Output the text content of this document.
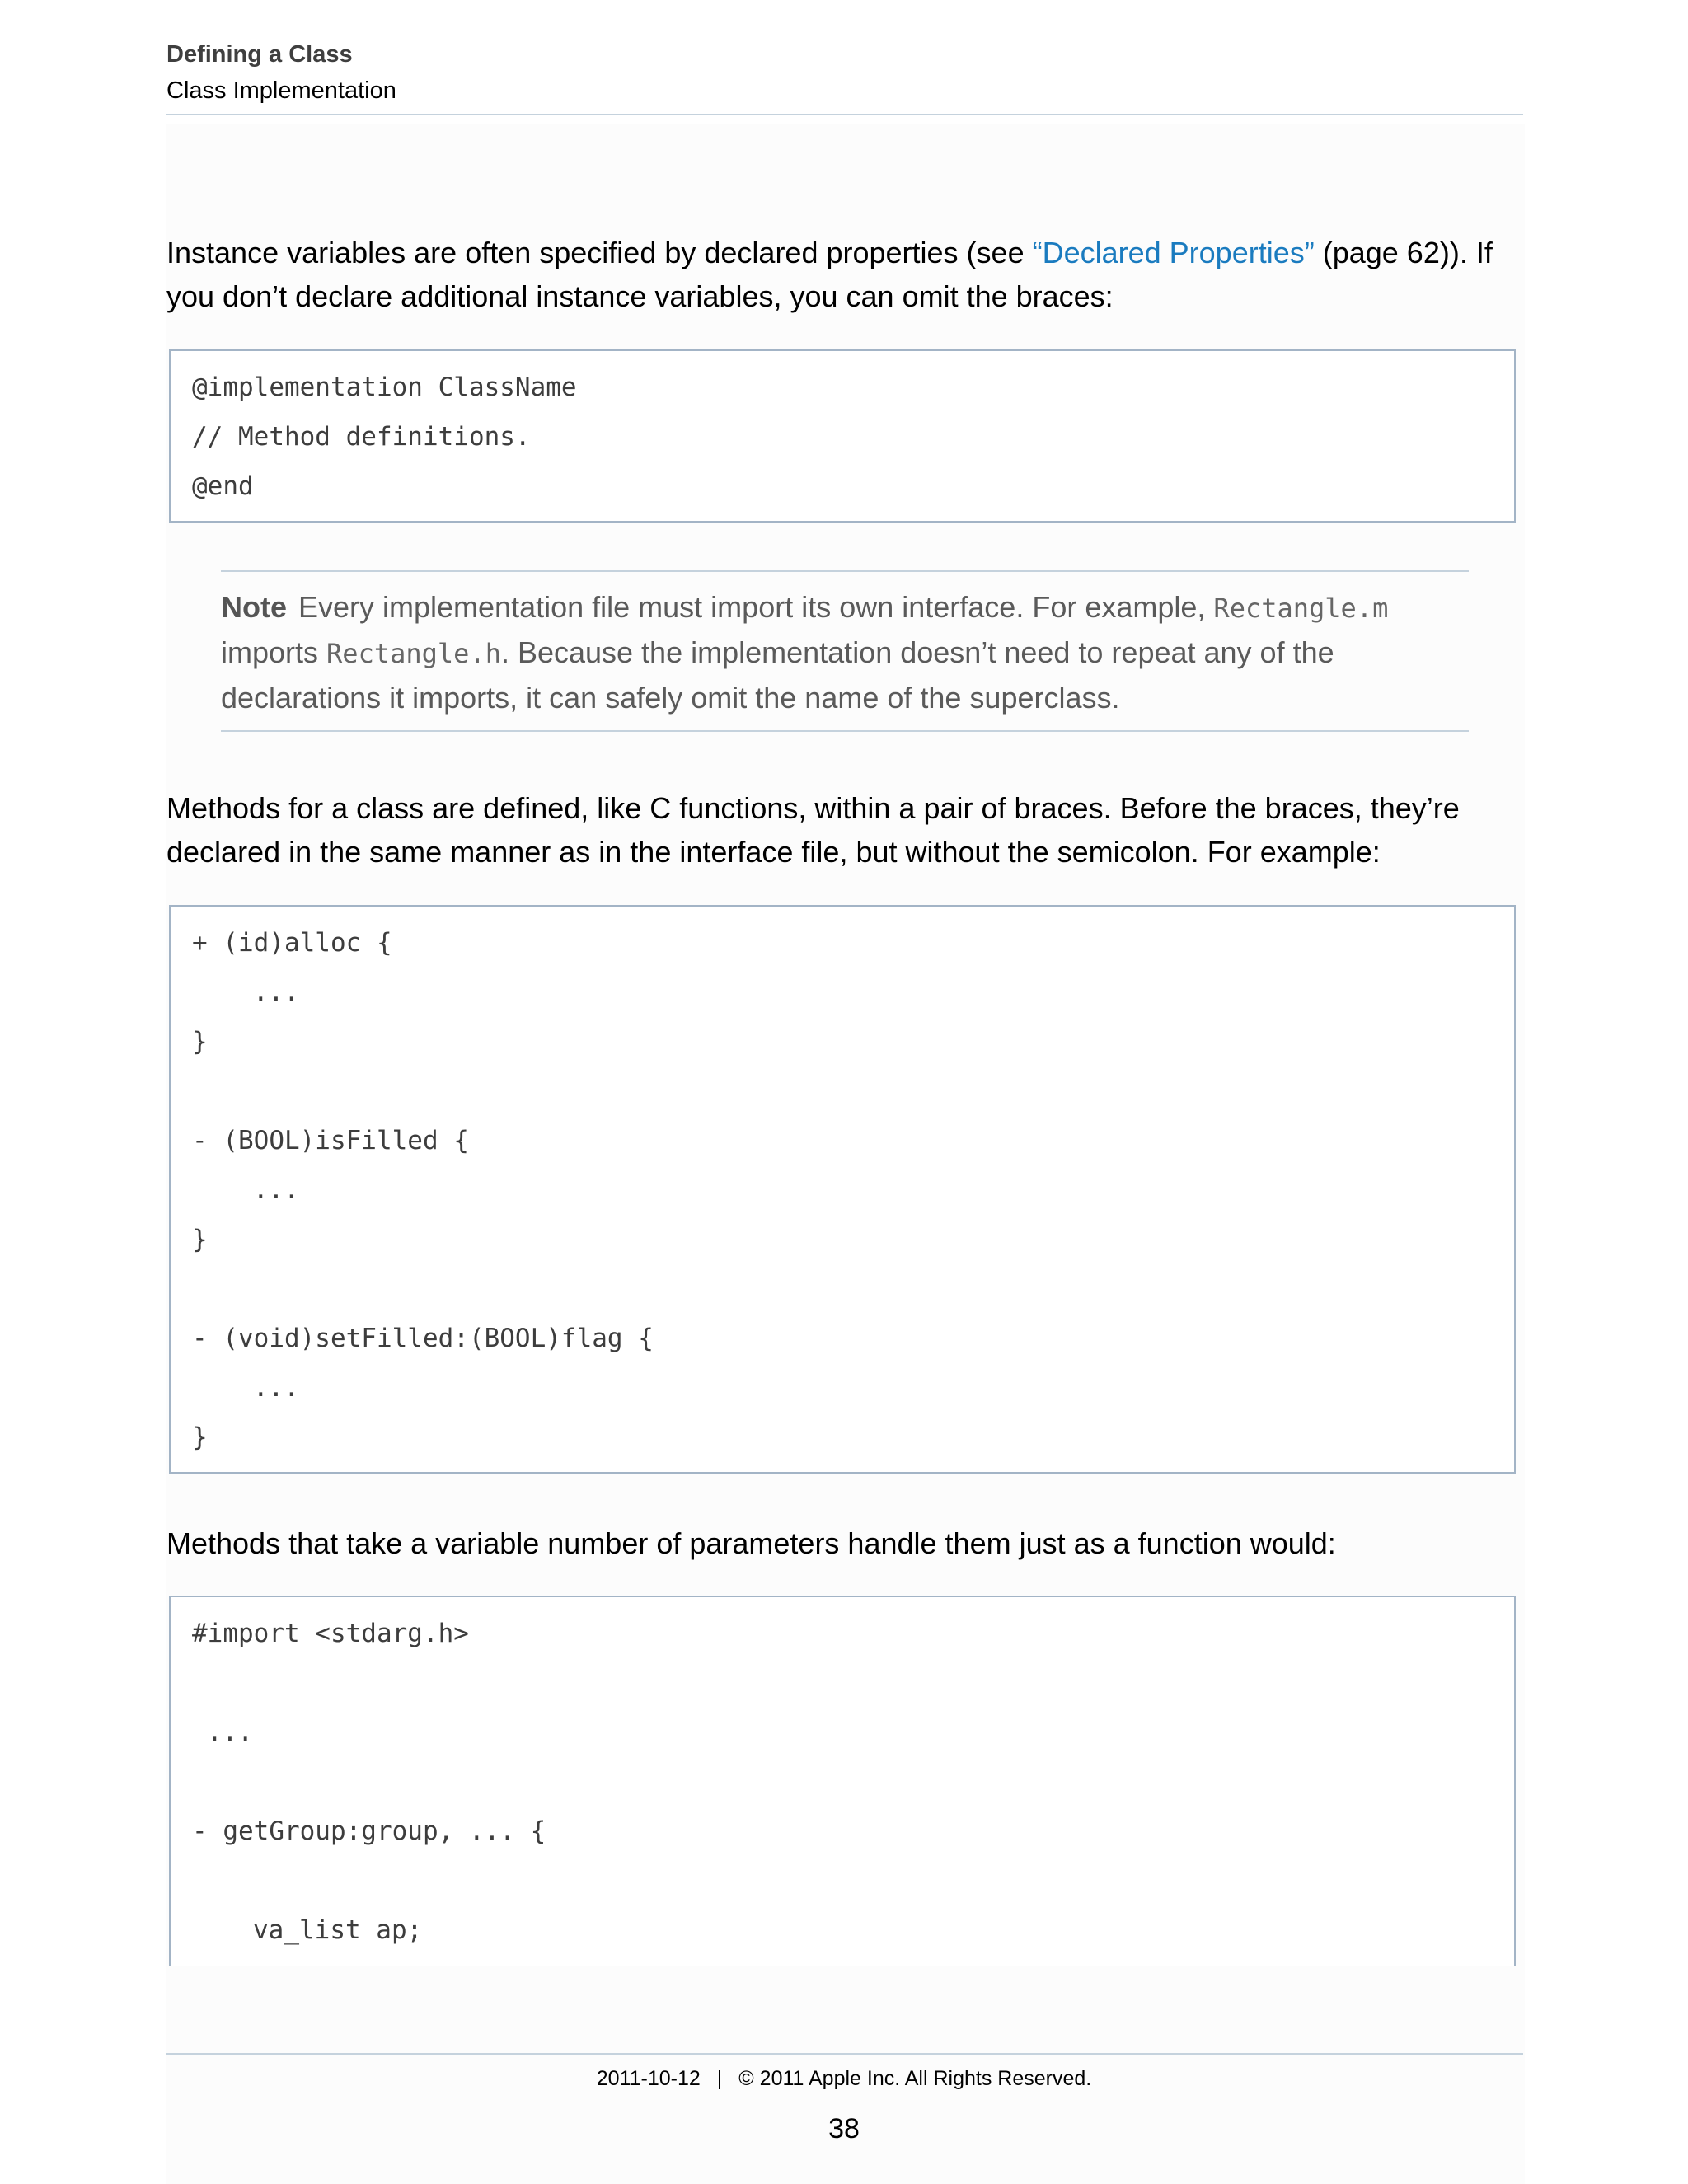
Defining a Class
Class Implementation

Instance variables are often specified by declared properties (see “Declared Properties” (page 62)). If you don’t declare additional instance variables, you can omit the braces:

@implementation ClassName
// Method definitions.
@end

Note Every implementation file must import its own interface. For example, Rectangle.m imports Rectangle.h. Because the implementation doesn’t need to repeat any of the declarations it imports, it can safely omit the name of the superclass.

Methods for a class are defined, like C functions, within a pair of braces. Before the braces, they’re declared in the same manner as in the interface file, but without the semicolon. For example:

+ (id)alloc {
...
}
- (BOOL)isFilled {
...
}
- (void)setFilled:(BOOL)flag {
...
}

Methods that take a variable number of parameters handle them just as a function would:

#import <stdarg.h>
...
- getGroup:group, ... {
va_list ap;
2011-10-12 | © 2011 Apple Inc. All Rights Reserved.
38
